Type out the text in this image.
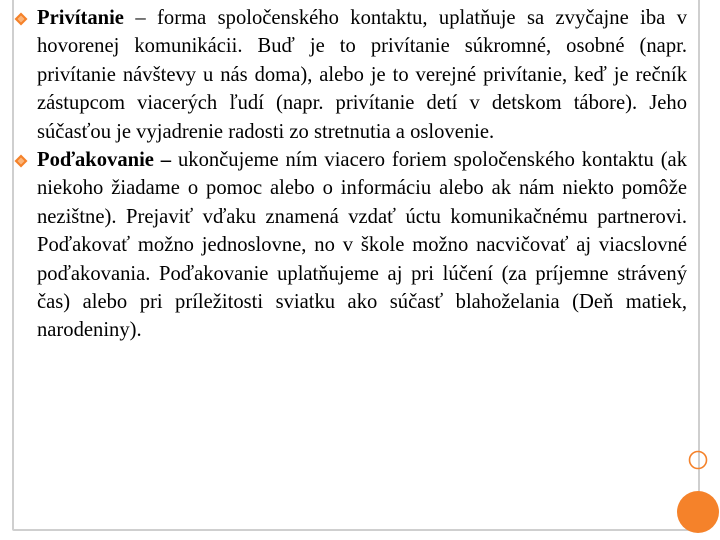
Privítanie – forma spoločenského kontaktu, uplatňuje sa zvyčajne iba v hovorenej komunikácii. Buď je to privítanie súkromné, osobné (napr. privítanie návštevy u nás doma), alebo je to verejné privítanie, keď je rečník zástupcom viacerých ľudí (napr. privítanie detí v detskom tábore). Jeho súčasťou je vyjadrenie radosti zo stretnutia a oslovenie.

Poďakovanie – ukončujeme ním viacero foriem spoločenského kontaktu (ak niekoho žiadame o pomoc alebo o informáciu alebo ak nám niekto pomôže nezištne). Prejaviť vďaku znamená vzdať úctu komunikačnému partnerovi. Poďakovať možno jednoslovne, no v škole možno nacvičovať aj viacslovné poďakovania. Poďakovanie uplatňujeme aj pri lúčení (za príjemne strávený čas) alebo pri príležitosti sviatku ako súčasť blahoželania (Deň matiek, narodeniny).
